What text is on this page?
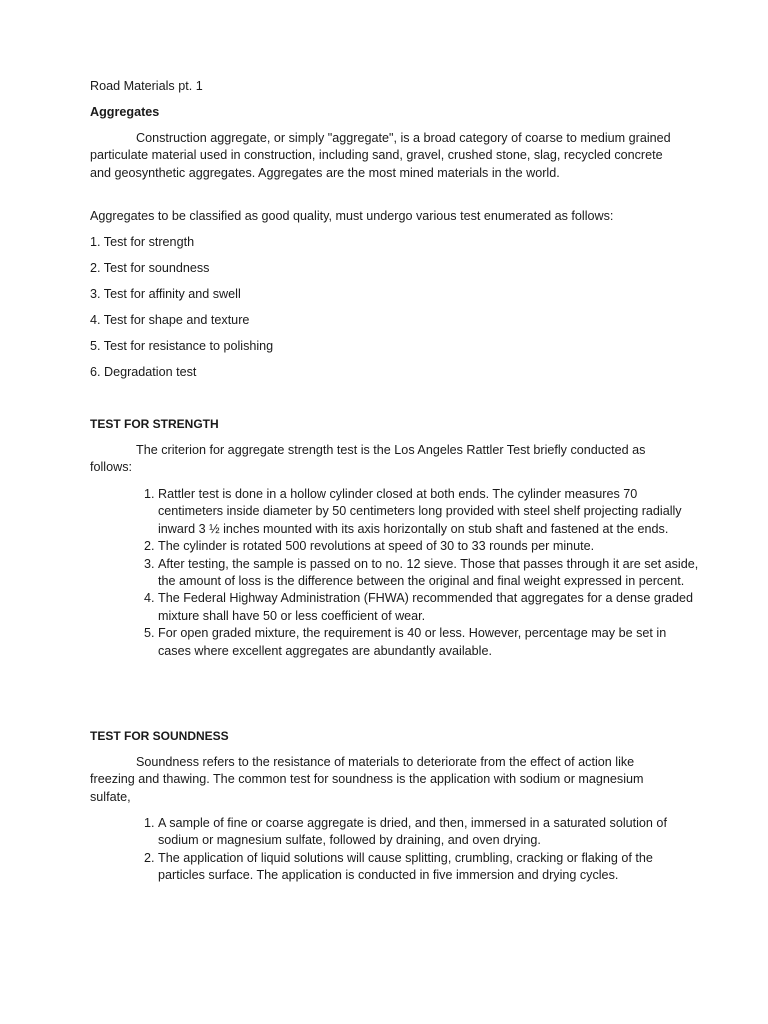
Road Materials pt. 1

Aggregates

Construction aggregate, or simply "aggregate", is a broad category of coarse to medium grained particulate material used in construction, including sand, gravel, crushed stone, slag, recycled concrete and geosynthetic aggregates. Aggregates are the most mined materials in the world.

Aggregates to be classified as good quality, must undergo various test enumerated as follows:

1. Test for strength

2. Test for soundness

3. Test for affinity and swell

4. Test for shape and texture

5. Test for resistance to polishing

6. Degradation test

TEST FOR STRENGTH

The criterion for aggregate strength test is the Los Angeles Rattler Test briefly conducted as follows:

1. Rattler test is done in a hollow cylinder closed at both ends. The cylinder measures 70 centimeters inside diameter by 50 centimeters long provided with steel shelf projecting radially inward 3 ½ inches mounted with its axis horizontally on stub shaft and fastened at the ends.
2. The cylinder is rotated 500 revolutions at speed of 30 to 33 rounds per minute.
3. After testing, the sample is passed on to no. 12 sieve. Those that passes through it are set aside, the amount of loss is the difference between the original and final weight expressed in percent.
4. The Federal Highway Administration (FHWA) recommended that aggregates for a dense graded mixture shall have 50 or less coefficient of wear.
5. For open graded mixture, the requirement is 40 or less. However, percentage may be set in cases where excellent aggregates are abundantly available.

TEST FOR SOUNDNESS

Soundness refers to the resistance of materials to deteriorate from the effect of action like freezing and thawing. The common test for soundness is the application with sodium or magnesium sulfate,

1. A sample of fine or coarse aggregate is dried, and then, immersed in a saturated solution of sodium or magnesium sulfate, followed by draining, and oven drying.
2. The application of liquid solutions will cause splitting, crumbling, cracking or flaking of the particles surface. The application is conducted in five immersion and drying cycles.
